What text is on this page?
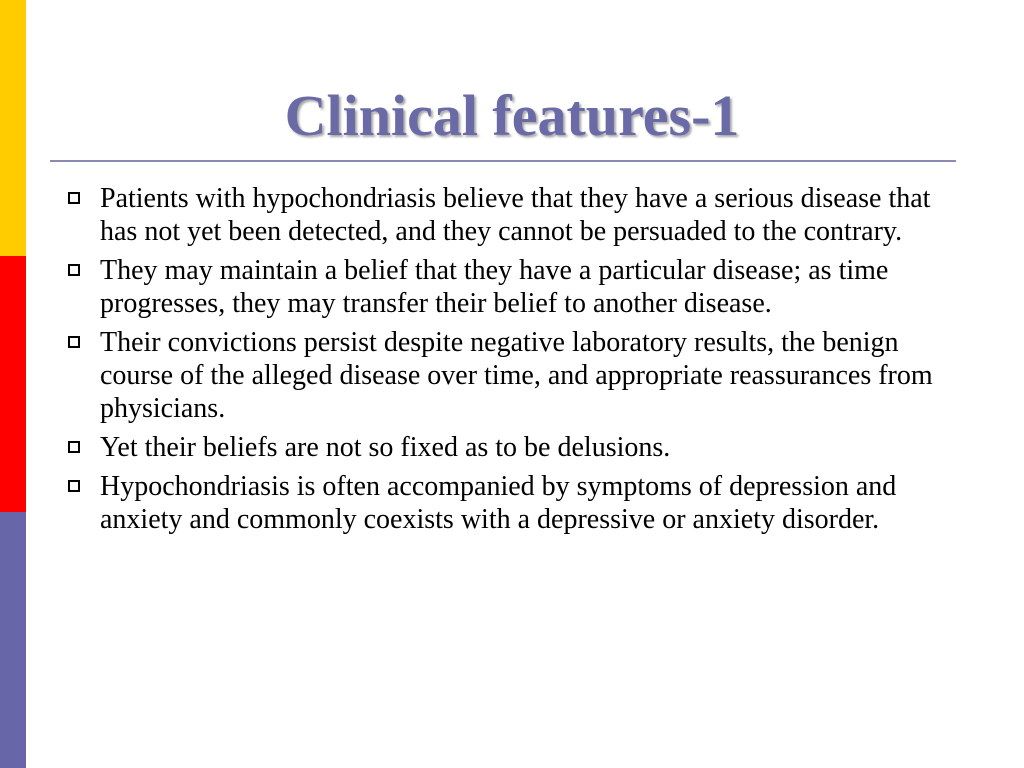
Clinical features-1
Patients with hypochondriasis believe that they have a serious disease that has not yet been detected, and they cannot be persuaded to the contrary.
They may maintain a belief that they have a particular disease; as time progresses, they may transfer their belief to another disease.
Their convictions persist despite negative laboratory results, the benign course of the alleged disease over time, and appropriate reassurances from physicians.
Yet their beliefs are not so fixed as to be delusions.
Hypochondriasis is often accompanied by symptoms of depression and anxiety and commonly coexists with a depressive or anxiety disorder.
